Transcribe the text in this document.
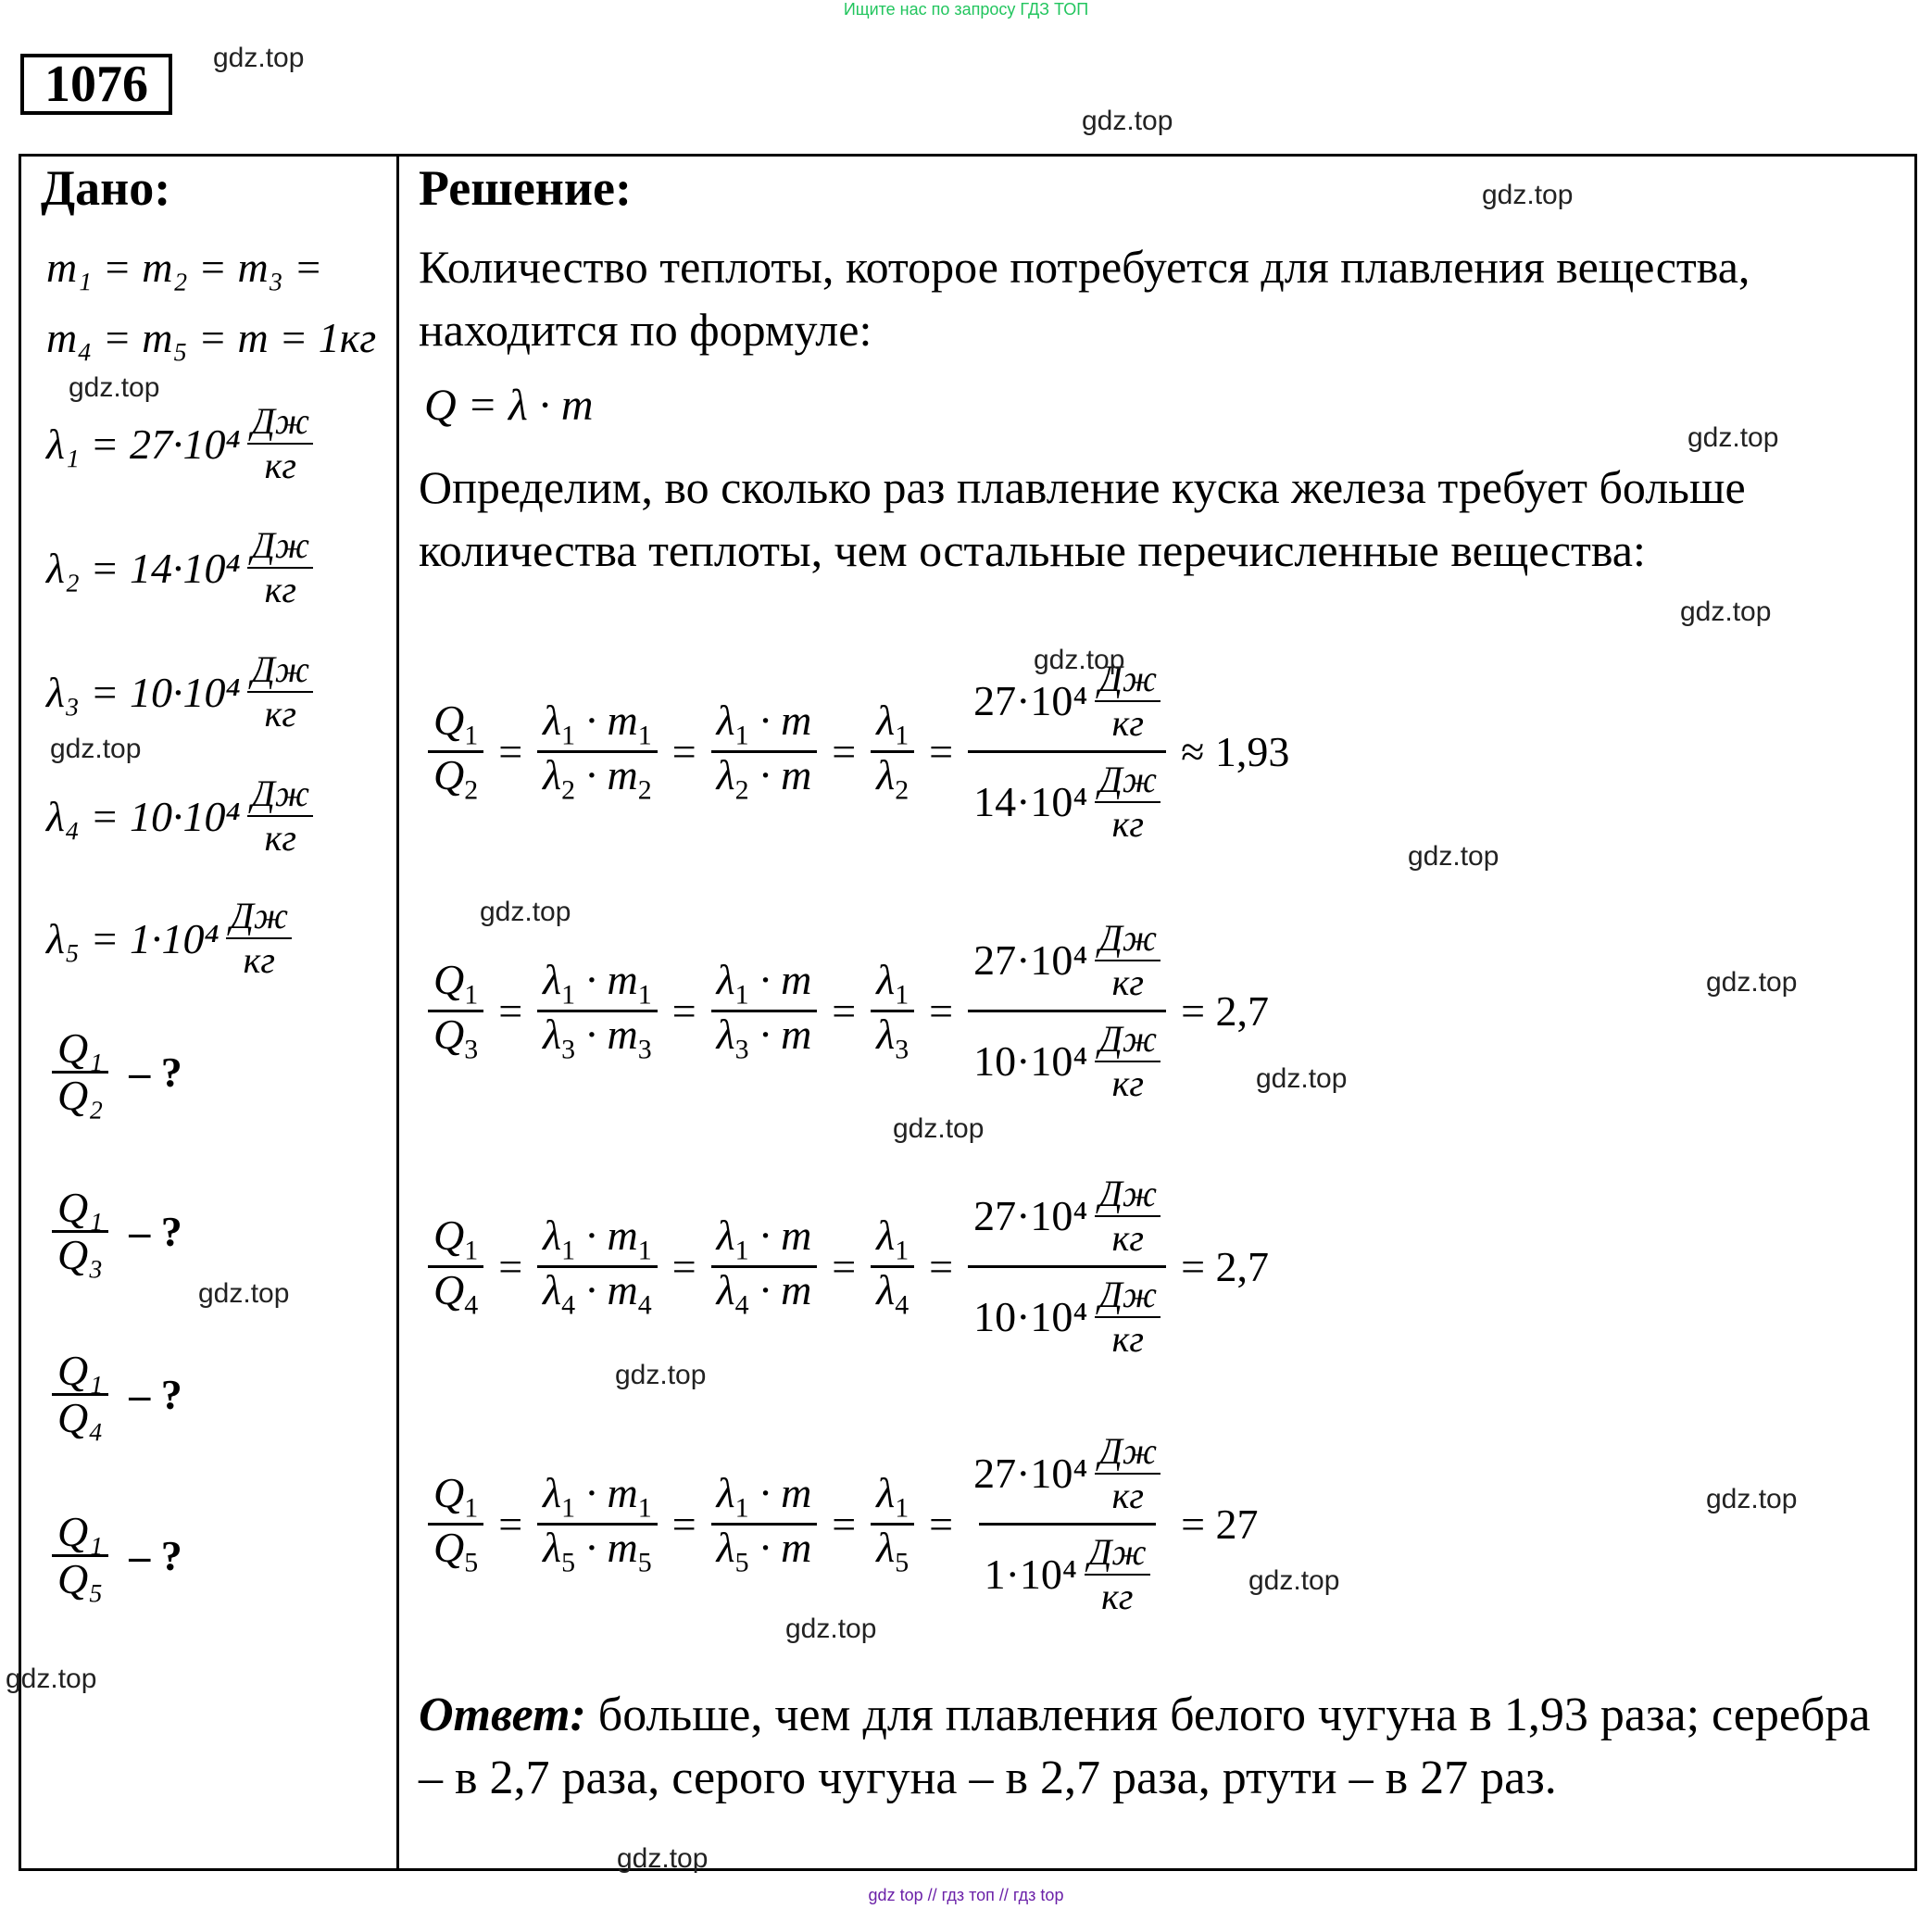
Ищите нас по запросу ГДЗ ТОП
1076
Дано:
m₁ = m₂ = m₃ =
m₄ = m₅ = m = 1кг
λ₁ = 27·10⁴ Дж
кг
λ₂ = 14·10⁴ Дж
кг
λ₃ = 10·10⁴ Дж
кг
λ₄ = 10·10⁴ Дж
кг
λ₅ = 1·10⁴ Дж
кг
$\frac{\text{Q₁}}{\text{Q₂}}$ – ?
$\frac{\text{Q₁}}{\text{Q₃}}$ – ?
$\frac{\text{Q₁}}{\text{Q₄}}$ – ?
$\frac{\text{Q₁}}{\text{Q₅}}$ – ?
Решение:
Количество теплоты, которое потребуется для плавления вещества, находится по формуле:
Q = λ · m
Определим, во сколько раз плавление куска железа требует больше количества теплоты, чем остальные перечисленные вещества:
$\frac{Q_1}{Q_2} = \frac{\lambda_1 \cdot m_1}{\lambda_2 \cdot m_2} = \frac{\lambda_1 \cdot m}{\lambda_2 \cdot m} = \frac{\lambda_1}{\lambda_2} = 27\cdot 10^4$ Дж
кг
14·10⁴ Дж
кг ≈ 1,93
$\frac{Q_1}{Q_3} = \frac{\lambda_1 \cdot m_1}{\lambda_3 \cdot m_3} = \frac{\lambda_1 \cdot m}{\lambda_3 \cdot m} = \frac{\lambda_1}{\lambda_3} = 27\cdot 10^4$ Дж
кг
10·10⁴ Дж
кг = 2,7
$\frac{Q_1}{Q_4} = \frac{\lambda_1 \cdot m_1}{\lambda_4 \cdot m_4} = \frac{\lambda_1 \cdot m}{\lambda_4 \cdot m} = \frac{\lambda_1}{\lambda_4} = 27\cdot 10^4$ Дж
кг
10·10⁴ Дж
кг = 2,7
$\frac{Q_1}{Q_5} = \frac{\lambda_1 \cdot m_1}{\lambda_5 \cdot m_5} = \frac{\lambda_1 \cdot m}{\lambda_5 \cdot m} = \frac{\lambda_1}{\lambda_5} = 27\cdot 10^4$ Дж
кг
1·10⁴ Дж
кг = 27
Ответ: больше, чем для плавления белого чугуна в 1,93 раза; серебра – в 2,7 раза, серого чугуна – в 2,7 раза, ртути – в 27 раз.
gdz.top
gdz.top
gdz.top
gdz.top
gdz.top
gdz.top
gdz.top
gdz.top
gdz.top
gdz.top
gdz.top
gdz.top
gdz.top
gdz.top
gdz.top
gdz.top
gdz.top
gdz.top
gdz.top
gdz.top
gdz top // гдз топ // гдз top
